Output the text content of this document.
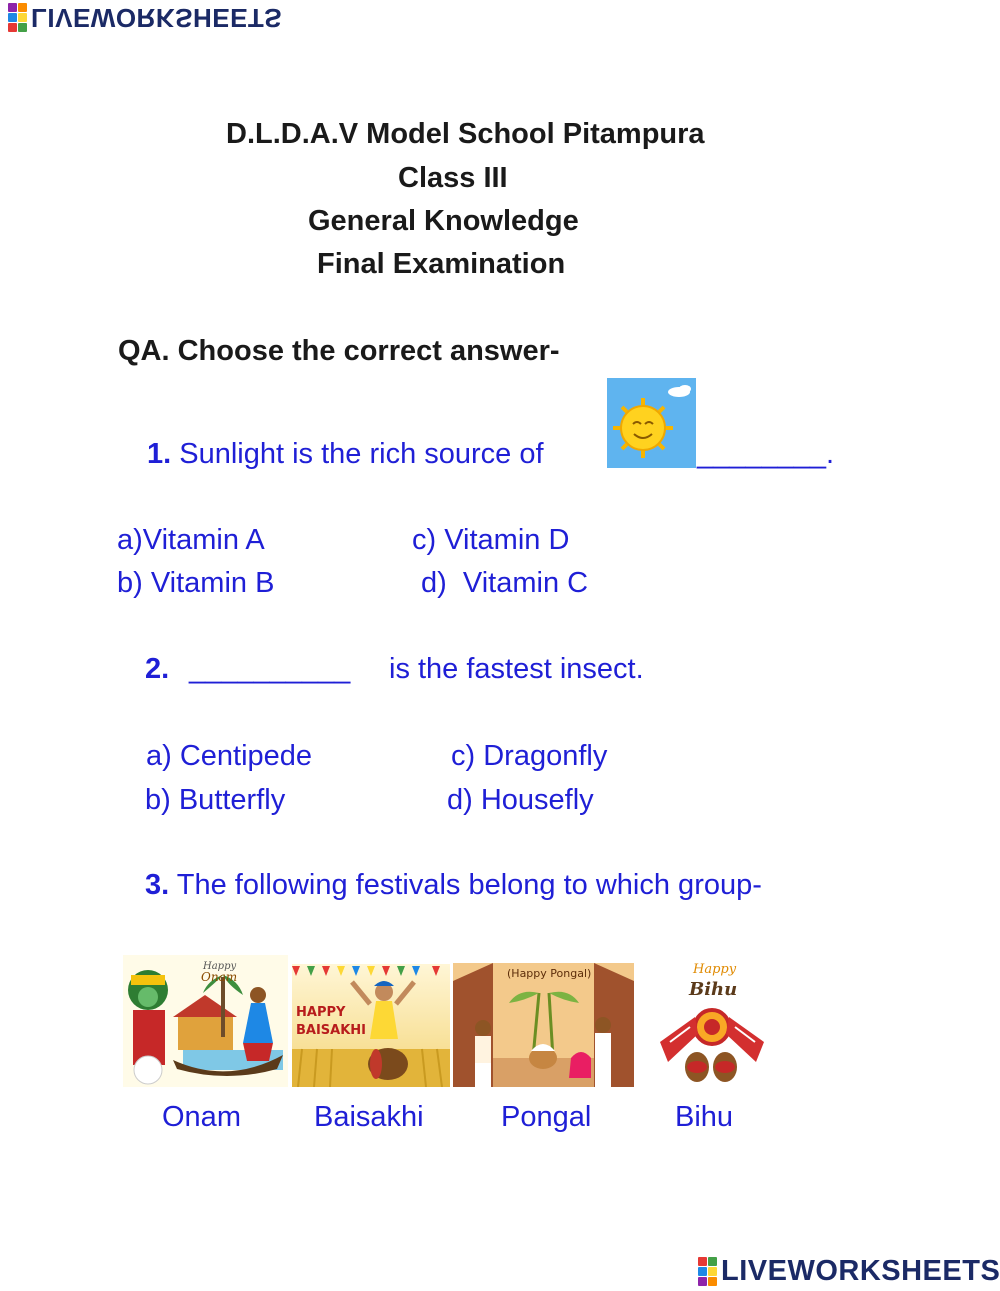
LIVEWORKSHEETS
D.L.D.A.V Model School Pitampura
Class III
General Knowledge
Final Examination
QA. Choose the correct answer-
1. Sunlight is the rich source of	________.
a)Vitamin A	c) Vitamin D
b) Vitamin B	d)  Vitamin C
2. __________ is the fastest insect.
a) Centipede	c) Dragonfly
b) Butterfly	d) Housefly
3. The following festivals belong to which group-
Happy
Onam
HAPPY
BAISAKHI
(Happy Pongal)	Happy
Bihu
Onam	Baisakhi	Pongal	Bihu
LIVEWORKSHEETS
